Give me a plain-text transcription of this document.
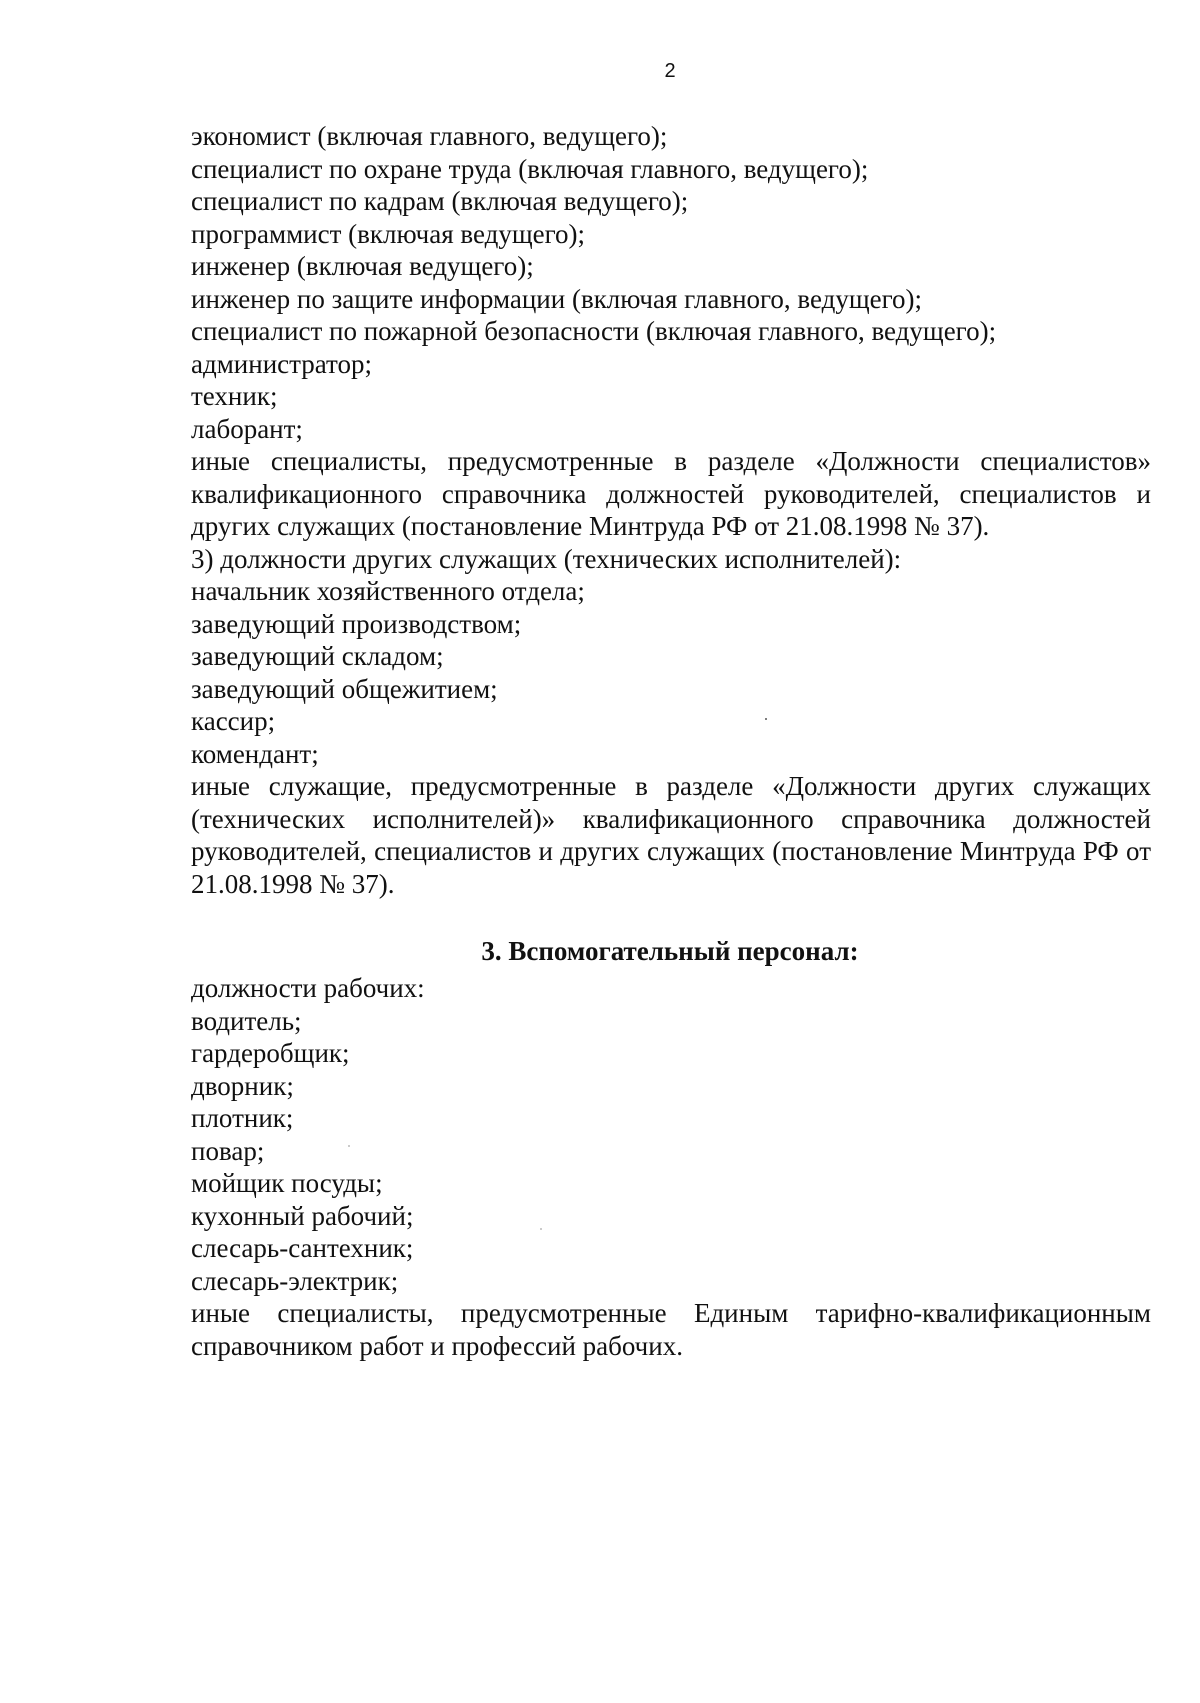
2
экономист (включая главного, ведущего);
специалист по охране труда (включая главного, ведущего);
специалист по кадрам (включая ведущего);
программист (включая ведущего);
инженер (включая ведущего);
инженер по защите информации (включая главного, ведущего);
специалист по пожарной безопасности (включая главного, ведущего);
администратор;
техник;
лаборант;
иные специалисты, предусмотренные в разделе «Должности специалистов» квалификационного справочника должностей руководителей, специалистов и других служащих (постановление Минтруда РФ от 21.08.1998 № 37).
3) должности других служащих (технических исполнителей):
начальник хозяйственного отдела;
заведующий производством;
заведующий складом;
заведующий общежитием;
кассир;
комендант;
иные служащие, предусмотренные в разделе «Должности других служащих (технических исполнителей)» квалификационного справочника должностей руководителей, специалистов и других служащих (постановление Минтруда РФ от 21.08.1998 № 37).
3. Вспомогательный персонал:
должности рабочих:
водитель;
гардеробщик;
дворник;
плотник;
повар;
мойщик посуды;
кухонный рабочий;
слесарь-сантехник;
слесарь-электрик;
иные специалисты, предусмотренные Единым тарифно-квалификационным справочником работ и профессий рабочих.
